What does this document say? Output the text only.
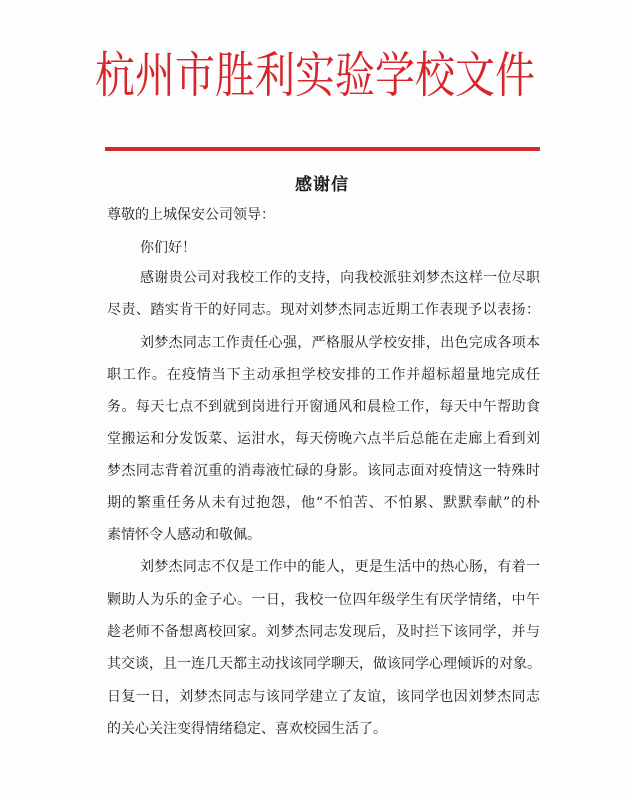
杭州市胜利实验学校文件
感谢信
尊敬的上城保安公司领导：
你们好！
感谢贵公司对我校工作的支持，向我校派驻刘梦杰这样一位尽职
尽责、踏实肯干的好同志。现对刘梦杰同志近期工作表现予以表扬：
刘梦杰同志工作责任心强，严格服从学校安排，出色完成各项本
职工作。在疫情当下主动承担学校安排的工作并超标超量地完成任
务。每天七点不到就到岗进行开窗通风和晨检工作，每天中午帮助食
堂搬运和分发饭菜、运泔水，每天傍晚六点半后总能在走廊上看到刘
梦杰同志背着沉重的消毒液忙碌的身影。该同志面对疫情这一特殊时
期的繁重任务从未有过抱怨，他“不怕苦、不怕累、默默奉献”的朴
素情怀令人感动和敬佩。
刘梦杰同志不仅是工作中的能人，更是生活中的热心肠，有着一
颗助人为乐的金子心。一日，我校一位四年级学生有厌学情绪，中午
趁老师不备想离校回家。刘梦杰同志发现后，及时拦下该同学，并与
其交谈，且一连几天都主动找该同学聊天，做该同学心理倾诉的对象。
日复一日，刘梦杰同志与该同学建立了友谊，该同学也因刘梦杰同志
的关心关注变得情绪稳定、喜欢校园生活了。
